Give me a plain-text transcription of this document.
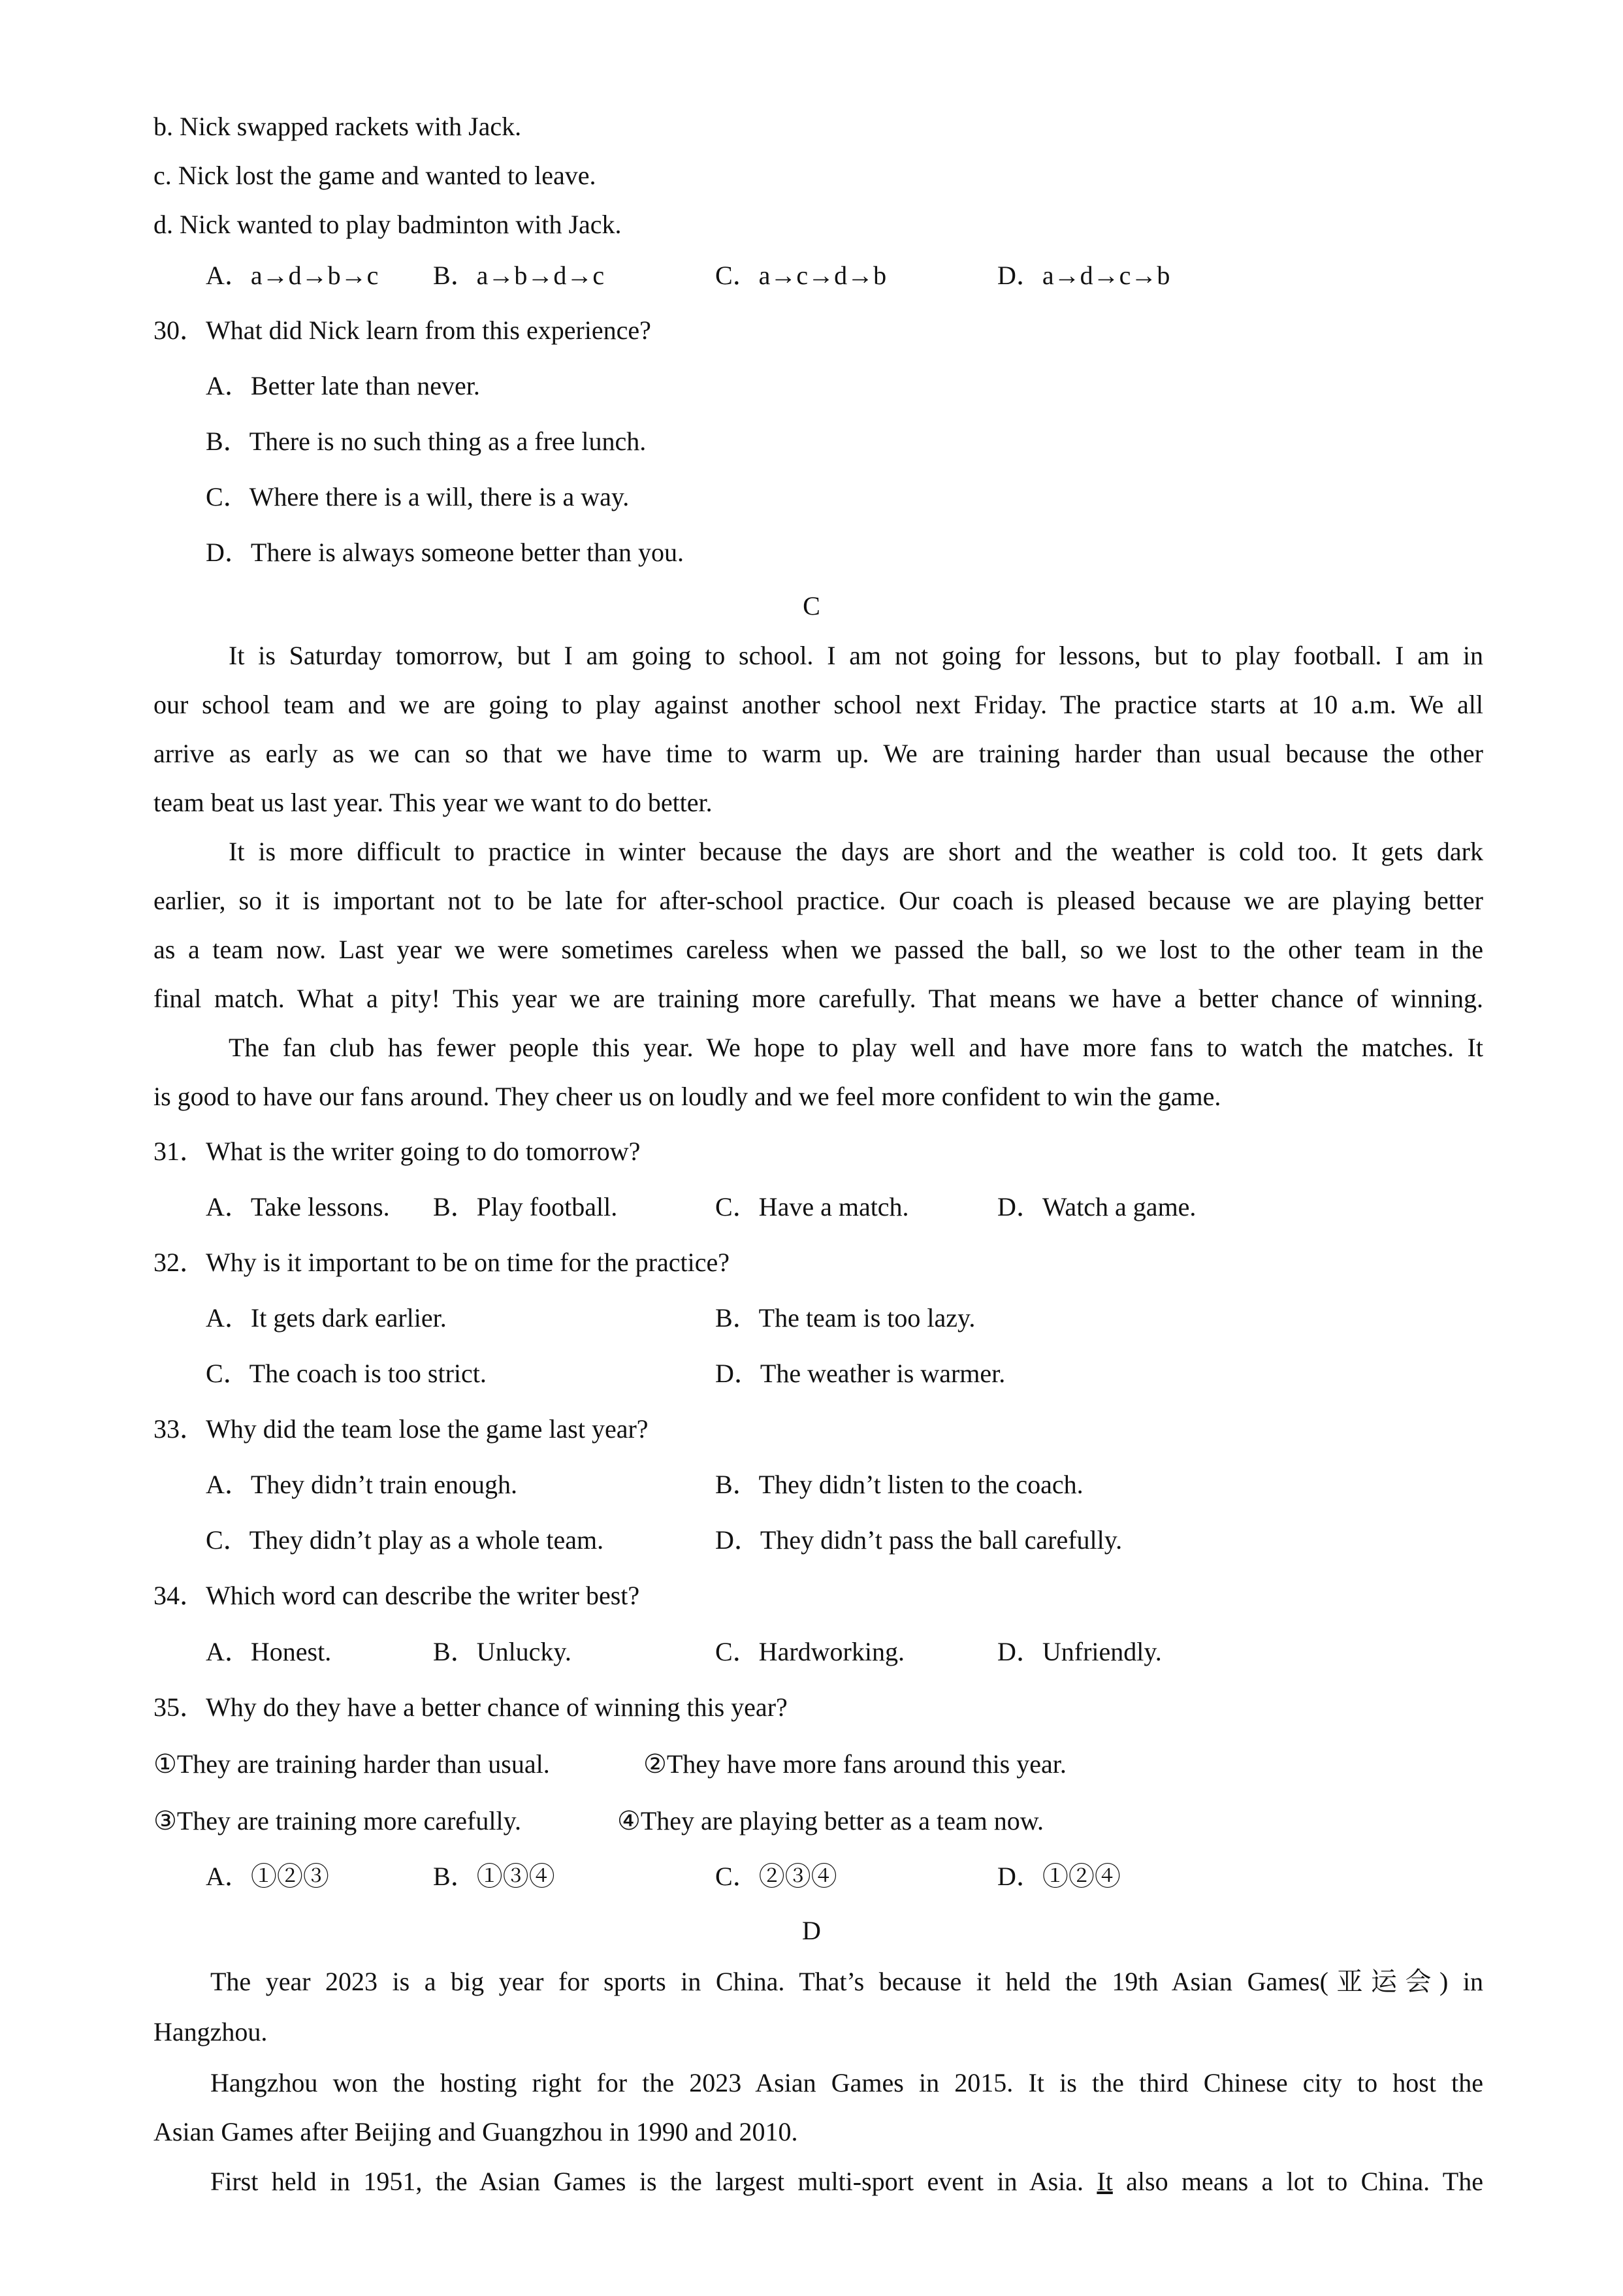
b. Nick swapped rackets with Jack.
c. Nick lost the game and wanted to leave.
d. Nick wanted to play badminton with Jack.
A．a→d→b→c B．a→b→d→c	C．a→c→d→b	D．a→d→c→b
30．What did Nick learn from this experience?
A．Better late than never.
B．There is no such thing as a free lunch.
C．Where there is a will, there is a way.
D．There is always someone better than you.
C
It is Saturday tomorrow, but I am going to school. I am not going for lessons, but to play football. I am in
our school team and we are going to play against another school next Friday. The practice starts at 10 a.m. We all
arrive as early as we can so that we have time to warm up. We are training harder than usual because the other
team beat us last year. This year we want to do better.
It is more difficult to practice in winter because the days are short and the weather is cold too. It gets dark
earlier, so it is important not to be late for after-school practice. Our coach is pleased because we are playing better
as a team now. Last year we were sometimes careless when we passed the ball, so we lost to the other team in the
final match. What a pity! This year we are training more carefully. That means we have a better chance of winning.
The fan club has fewer people this year. We hope to play well and have more fans to watch the matches. It
is good to have our fans around. They cheer us on loudly and we feel more confident to win the game.
31．What is the writer going to do tomorrow?
A．Take lessons. B．Play football.	C．Have a match.	D．Watch a game.
32．Why is it important to be on time for the practice?
A．It gets dark earlier.	B．The team is too lazy.
C．The coach is too strict.	D．The weather is warmer.
33．Why did the team lose the game last year?
A．They didn’t train enough.	B．They didn’t listen to the coach.
C．They didn’t play as a whole team.	D．They didn’t pass the ball carefully.
34．Which word can describe the writer best?
A．Honest.	B．Unlucky.	C．Hardworking.	D．Unfriendly.
35．Why do they have a better chance of winning this year?
①They are training harder than usual.	②They have more fans around this year.
③They are training more carefully.	④They are playing better as a team now.
A．①②③	B．①③④	C．②③④	D．①②④
D
The year 2023 is a big year for sports in China. That’s because it held the 19th Asian Games(亚运会) in
Hangzhou.
Hangzhou won the hosting right for the 2023 Asian Games in 2015. It is the third Chinese city to host the
Asian Games after Beijing and Guangzhou in 1990 and 2010.
First held in 1951, the Asian Games is the largest multi-sport event in Asia. It also means a lot to China. The
